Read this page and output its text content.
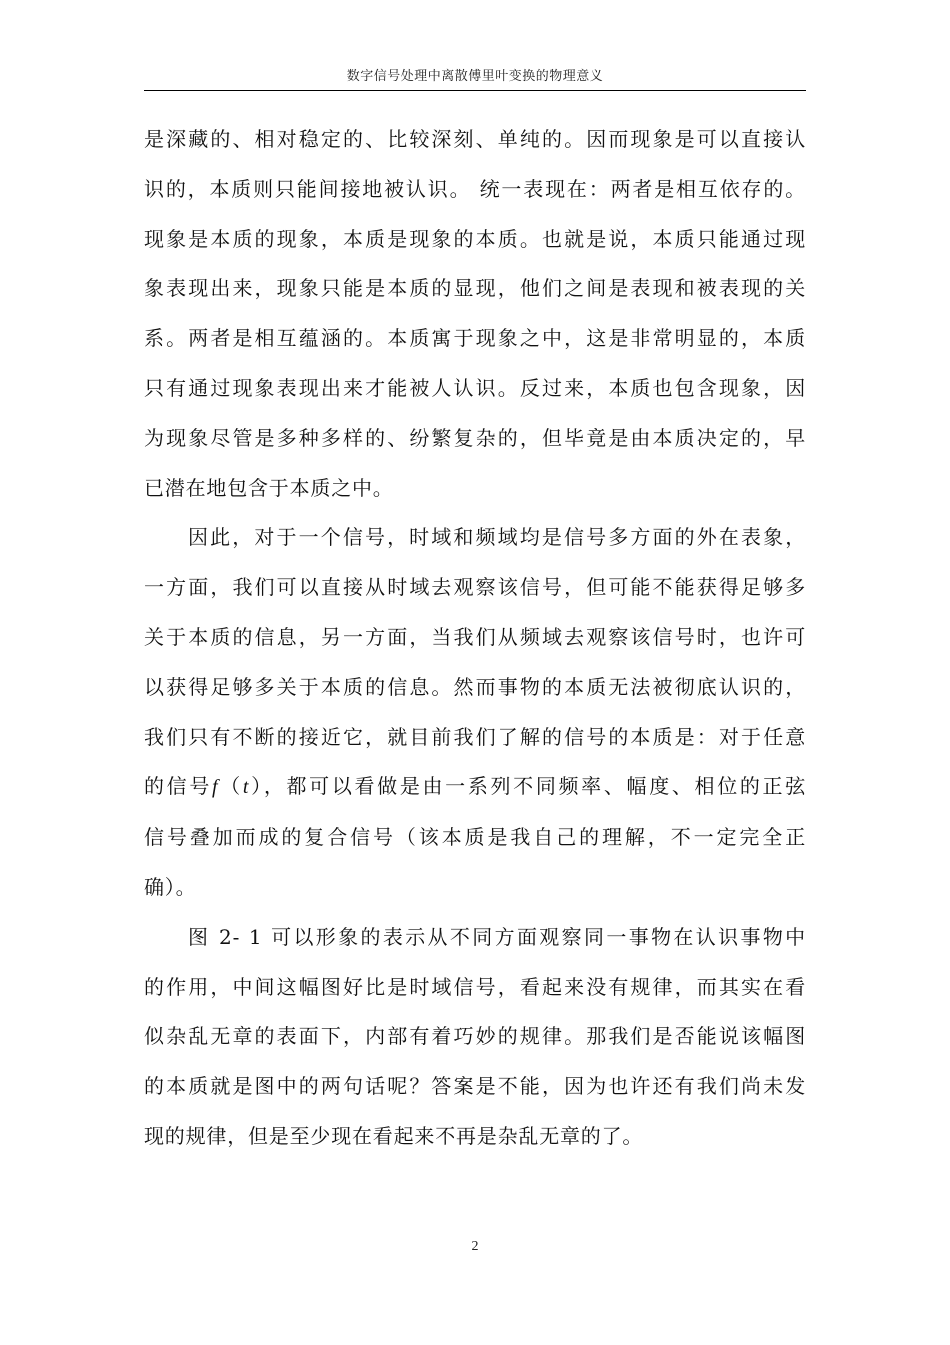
数字信号处理中离散傅里叶变换的物理意义

是深藏的、相对稳定的、比较深刻、单纯的。因而现象是可以直接认
识的，本质则只能间接地被认识。 统一表现在：两者是相互依存的。
现象是本质的现象，本质是现象的本质。也就是说，本质只能通过现
象表现出来，现象只能是本质的显现，他们之间是表现和被表现的关
系。两者是相互蕴涵的。本质寓于现象之中，这是非常明显的，本质
只有通过现象表现出来才能被人认识。反过来，本质也包含现象，因
为现象尽管是多种多样的、纷繁复杂的，但毕竟是由本质决定的，早
已潜在地包含于本质之中。

因此，对于一个信号，时域和频域均是信号多方面的外在表象，
一方面，我们可以直接从时域去观察该信号，但可能不能获得足够多
关于本质的信息，另一方面，当我们从频域去观察该信号时，也许可
以获得足够多关于本质的信息。然而事物的本质无法被彻底认识的，
我们只有不断的接近它，就目前我们了解的信号的本质是：对于任意
的信号f（t），都可以看做是由一系列不同频率、幅度、相位的正弦
信号叠加而成的复合信号（该本质是我自己的理解，不一定完全正
确）。

图 2- 1 可以形象的表示从不同方面观察同一事物在认识事物中
的作用，中间这幅图好比是时域信号，看起来没有规律，而其实在看
似杂乱无章的表面下，内部有着巧妙的规律。那我们是否能说该幅图
的本质就是图中的两句话呢？答案是不能，因为也许还有我们尚未发
现的规律，但是至少现在看起来不再是杂乱无章的了。

2
